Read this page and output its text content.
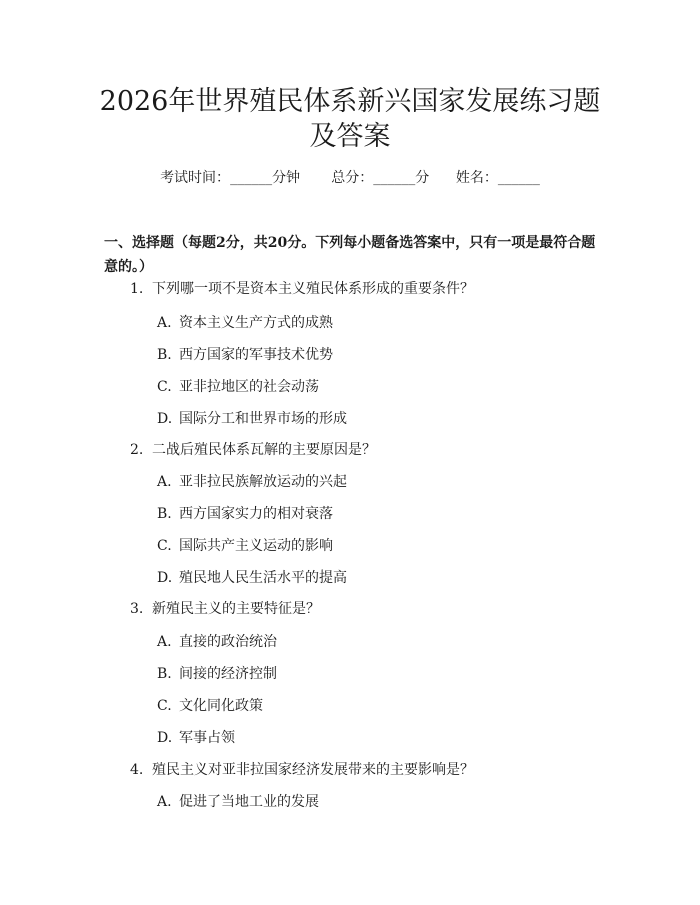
2026年世界殖民体系新兴国家发展练习题及答案
考试时间：______分钟 总分：______分 姓名：______
一、选择题（每题2分，共20分。下列每小题备选答案中，只有一项是最符合题意的。）
1. 下列哪一项不是资本主义殖民体系形成的重要条件？
A. 资本主义生产方式的成熟
B. 西方国家的军事技术优势
C. 亚非拉地区的社会动荡
D. 国际分工和世界市场的形成
2. 二战后殖民体系瓦解的主要原因是？
A. 亚非拉民族解放运动的兴起
B. 西方国家实力的相对衰落
C. 国际共产主义运动的影响
D. 殖民地人民生活水平的提高
3. 新殖民主义的主要特征是？
A. 直接的政治统治
B. 间接的经济控制
C. 文化同化政策
D. 军事占领
4. 殖民主义对亚非拉国家经济发展带来的主要影响是？
A. 促进了当地工业的发展
